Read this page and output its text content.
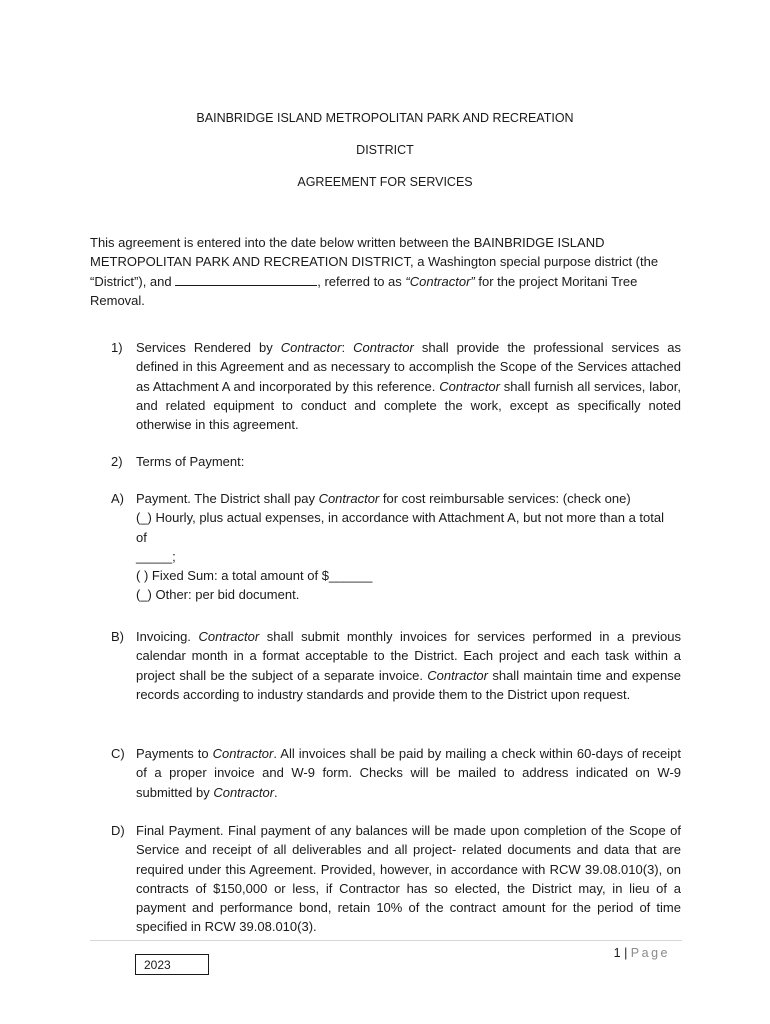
BAINBRIDGE ISLAND METROPOLITAN PARK AND RECREATION
DISTRICT
AGREEMENT FOR SERVICES
This agreement is entered into the date below written between the BAINBRIDGE ISLAND METROPOLITAN PARK AND RECREATION DISTRICT, a Washington special purpose district (the “District”), and	, referred to as “Contractor” for the project Moritani Tree Removal.
1)	Services Rendered by Contractor: Contractor shall provide the professional services as defined in this Agreement and as necessary to accomplish the Scope of the Services attached as Attachment A and incorporated by this reference. Contractor shall furnish all services, labor, and related equipment to conduct and complete the work, except as specifically noted otherwise in this agreement.
2)	Terms of Payment:
A) Payment. The District shall pay Contractor for cost reimbursable services: (check one)
(_) Hourly, plus actual expenses, in accordance with Attachment A, but not more than a total of
_____;
( ) Fixed Sum: a total amount of $______
(_) Other: per bid document.
B) Invoicing. Contractor shall submit monthly invoices for services performed in a previous calendar month in a format acceptable to the District. Each project and each task within a project shall be the subject of a separate invoice. Contractor shall maintain time and expense records according to industry standards and provide them to the District upon request.
C) Payments to Contractor. All invoices shall be paid by mailing a check within 60-days of receipt of a proper invoice and W-9 form. Checks will be mailed to address indicated on W-9 submitted by Contractor.
D) Final Payment. Final payment of any balances will be made upon completion of the Scope of Service and receipt of all deliverables and all project- related documents and data that are required under this Agreement. Provided, however, in accordance with RCW 39.08.010(3), on contracts of $150,000 or less, if Contractor has so elected, the District may, in lieu of a payment and performance bond, retain 10% of the contract amount for the period of time specified in RCW 39.08.010(3).
1 | Page
2023
